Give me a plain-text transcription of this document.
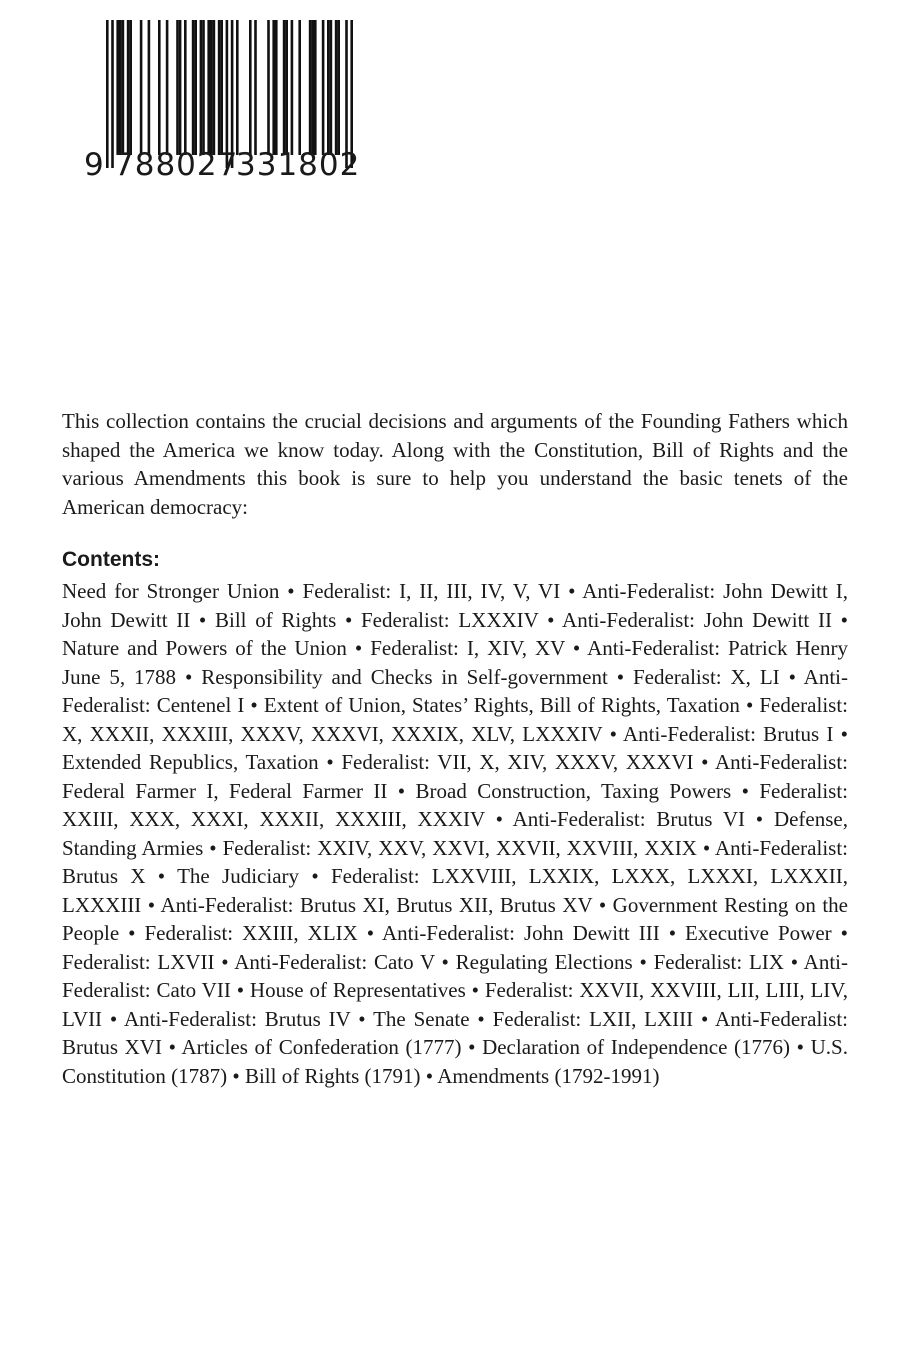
9 788027
331802

This collection contains the crucial decisions and arguments of the Founding Fathers which shaped the America we know today. Along with the Constitution, Bill of Rights and the various Amendments this book is sure to help you understand the basic tenets of the American democracy:

Contents:

Need for Stronger Union • Federalist: I, II, III, IV, V, VI • Anti-Federalist: John Dewitt I, John Dewitt II • Bill of Rights • Federalist: LXXXIV • Anti-Federalist: John Dewitt II • Nature and Powers of the Union • Federalist: I, XIV, XV • Anti-Federalist: Patrick Henry June 5, 1788 • Responsibility and Checks in Self-government • Federalist: X, LI • Anti-Federalist: Centenel I • Extent of Union, States’ Rights, Bill of Rights, Taxation • Federalist: X, XXXII, XXXIII, XXXV, XXXVI, XXXIX, XLV, LXXXIV • Anti-Federalist: Brutus I • Extended Republics, Taxation • Federalist: VII, X, XIV, XXXV, XXXVI • Anti-Federalist: Federal Farmer I, Federal Farmer II • Broad Construction, Taxing Powers • Federalist: XXIII, XXX, XXXI, XXXII, XXXIII, XXXIV • Anti-Federalist: Brutus VI • Defense, Standing Armies • Federalist: XXIV, XXV, XXVI, XXVII, XXVIII, XXIX • Anti-Federalist: Brutus X • The Judiciary • Federalist: LXXVIII, LXXIX, LXXX, LXXXI, LXXXII, LXXXIII • Anti-Federalist: Brutus XI, Brutus XII, Brutus XV • Government Resting on the People • Federalist: XXIII, XLIX • Anti-Federalist: John Dewitt III • Executive Power • Federalist: LXVII • Anti-Federalist: Cato V • Regulating Elections • Federalist: LIX • Anti-Federalist: Cato VII • House of Representatives • Federalist: XXVII, XXVIII, LII, LIII, LIV, LVII • Anti-Federalist: Brutus IV • The Senate • Federalist: LXII, LXIII • Anti-Federalist: Brutus XVI • Articles of Confederation (1777) • Declaration of Independence (1776) • U.S. Constitution (1787) • Bill of Rights (1791) • Amendments (1792-1991)
